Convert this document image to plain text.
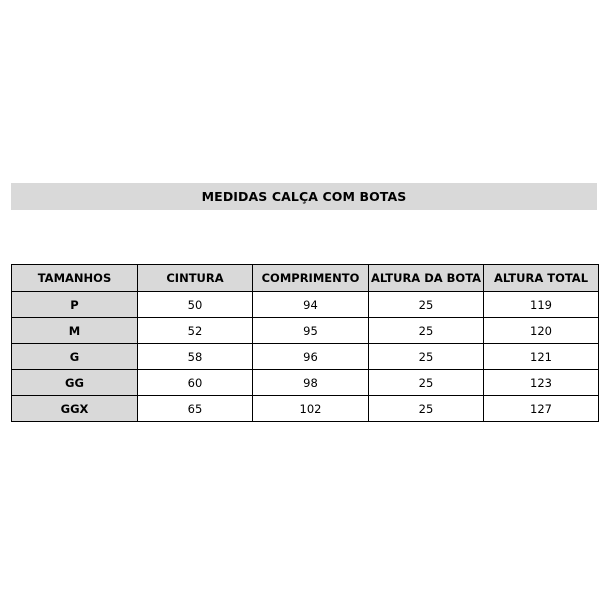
MEDIDAS CALÇA COM BOTAS
TAMANHOS	CINTURA	COMPRIMENTO	ALTURA DA BOTA	ALTURA TOTAL
P	50	94	25	119
M	52	95	25	120
G	58	96	25	121
GG	60	98	25	123
GGX	65	102	25	127
